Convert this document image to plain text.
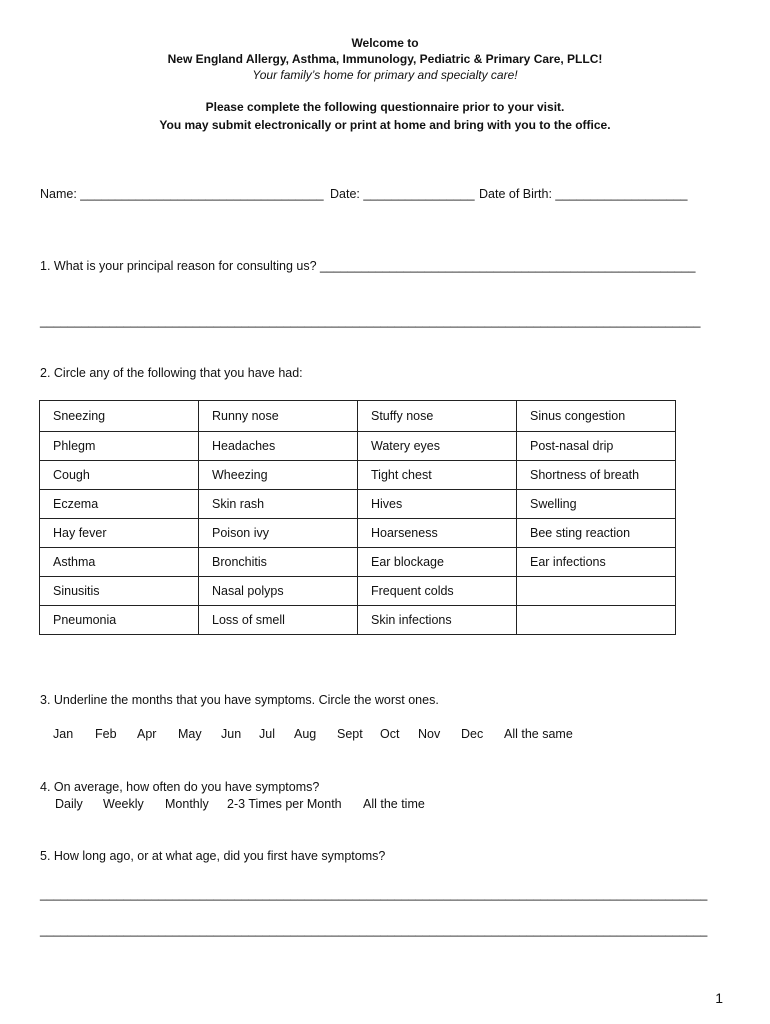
Welcome to
New England Allergy, Asthma, Immunology, Pediatric & Primary Care, PLLC!
Your family’s home for primary and specialty care!
Please complete the following questionnaire prior to your visit.
You may submit electronically or print at home and bring with you to the office.
Name: ___________________________________ Date: ________________ Date of Birth: ___________________
1. What is your principal reason for consulting us? ______________________________________________________
_______________________________________________________________________________________________
2. Circle any of the following that you have had:
Sneezing	Runny nose	Stuffy nose	Sinus congestion
Phlegm	Headaches	Watery eyes	Post-nasal drip
Cough	Wheezing	Tight chest	Shortness of breath
Eczema	Skin rash	Hives	Swelling
Hay fever	Poison ivy	Hoarseness	Bee sting reaction
Asthma	Bronchitis	Ear blockage	Ear infections
Sinusitis	Nasal polyps	Frequent colds	
Pneumonia	Loss of smell	Skin infections	
3. Underline the months that you have symptoms. Circle the worst ones.
Jan Feb Apr May Jun Jul Aug Sept Oct Nov Dec All the same
4. On average, how often do you have symptoms?
Daily Weekly Monthly 2-3 Times per Month All the time
5. How long ago, or at what age, did you first have symptoms?
________________________________________________________________________________________________
________________________________________________________________________________________________
1
